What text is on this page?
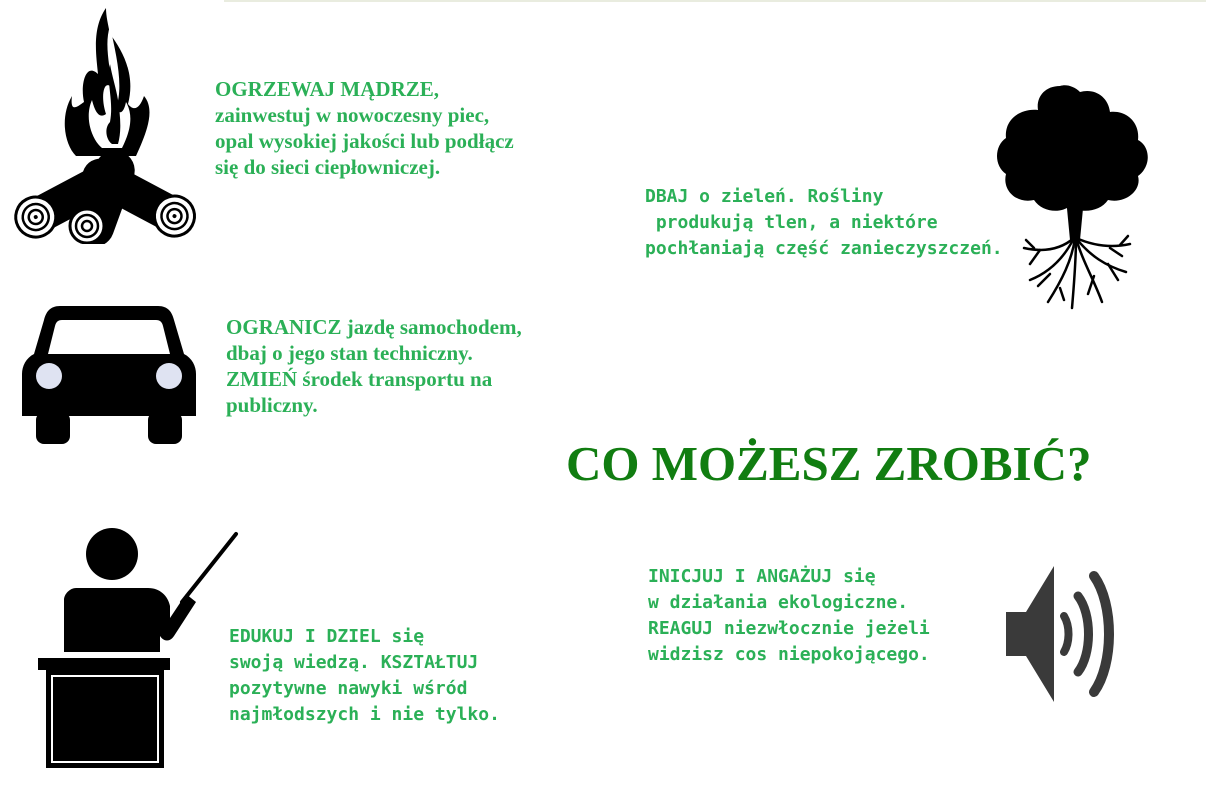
OGRZEWAJ MĄDRZE,
zainwestuj w nowoczesny piec,
opal wysokiej jakości lub podłącz
się do sieci ciepłowniczej.
DBAJ o zieleń. Rośliny
produkują tlen, a niektóre
pochłaniają część zanieczyszczeń.
OGRANICZ jazdę samochodem,
dbaj o jego stan techniczny.
ZMIEŃ środek transportu na
publiczny.
EDUKUJ I DZIEL się
swoją wiedzą. KSZTAŁTUJ
pozytywne nawyki wśród
najmłodszych i nie tylko.
INICJUJ I ANGAŻUJ się
w działania ekologiczne.
REAGUJ niezwłocznie jeżeli
widzisz cos niepokojącego.
CO MOŻESZ ZROBIĆ?
